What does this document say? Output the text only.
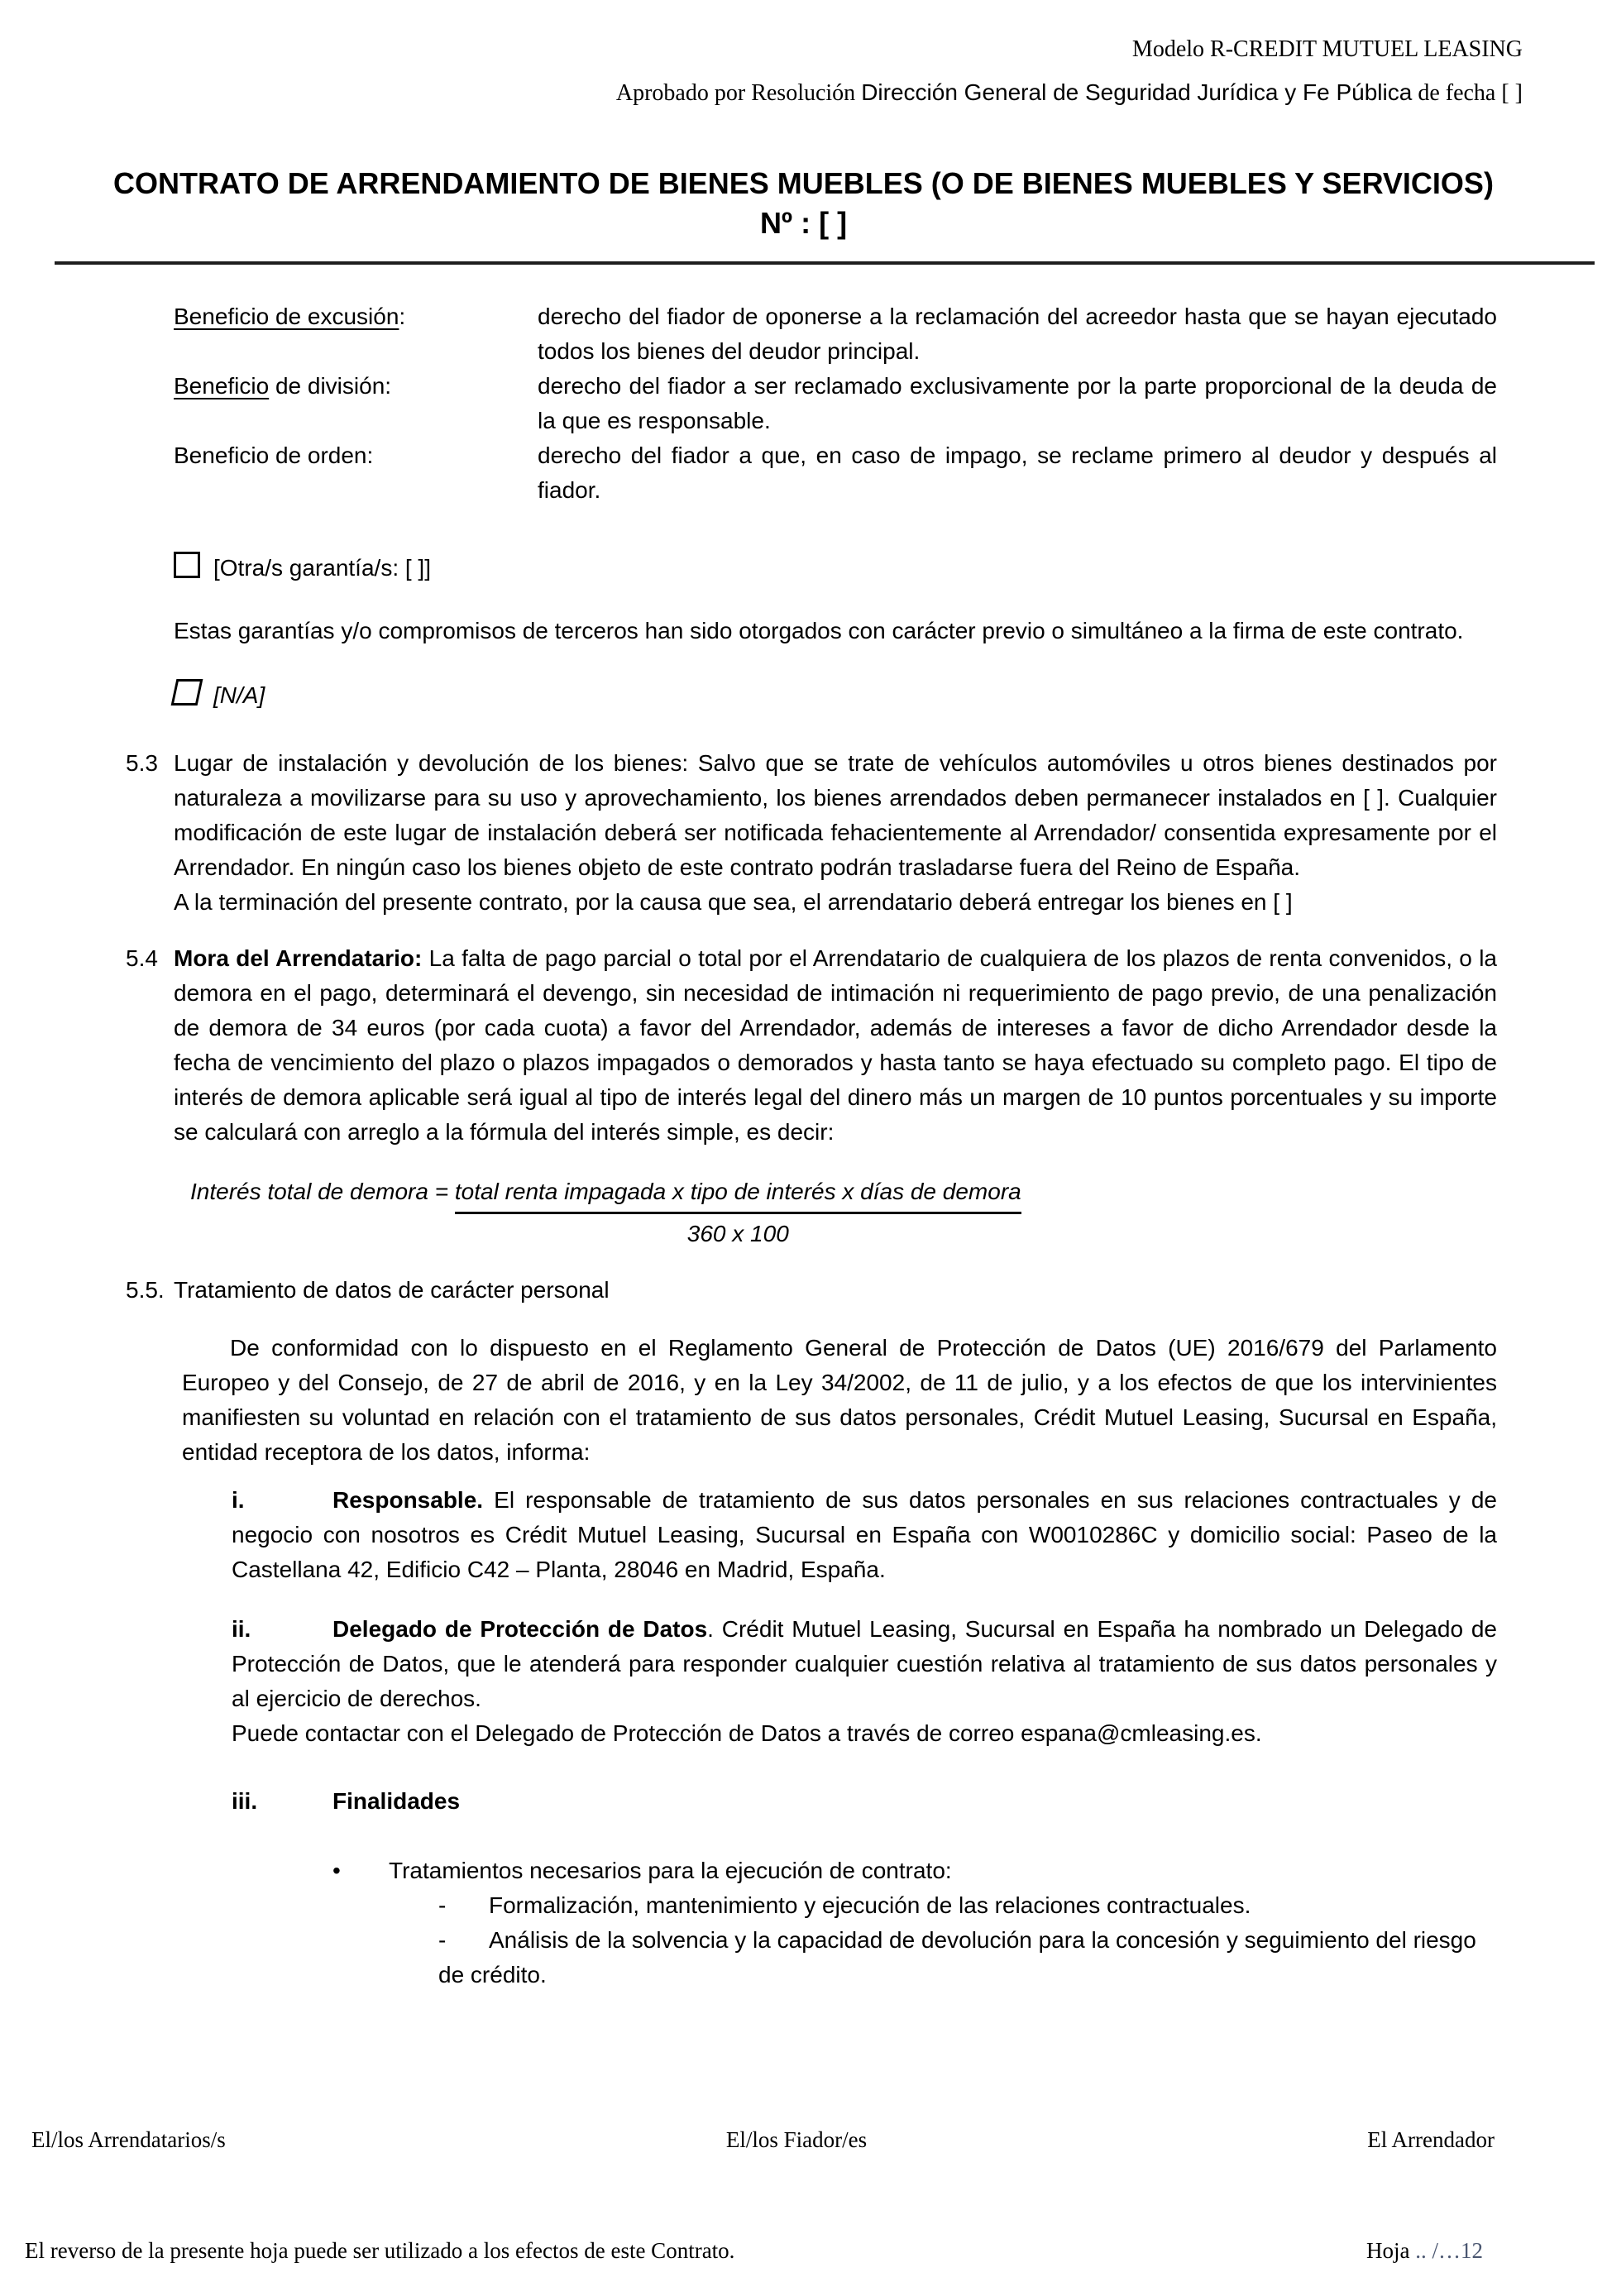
Modelo R-CREDIT MUTUEL LEASING
Aprobado por Resolución Dirección General de Seguridad Jurídica y Fe Pública de fecha [ ]
CONTRATO DE ARRENDAMIENTO DE BIENES MUEBLES (O DE BIENES MUEBLES Y SERVICIOS)
Nº : [ ]
Beneficio de excusión:	derecho del fiador de oponerse a la reclamación del acreedor hasta que se hayan ejecutado todos los bienes del deudor principal.
Beneficio de división:	derecho del fiador a ser reclamado exclusivamente por la parte proporcional de la deuda de la que es responsable.
Beneficio de orden:	derecho del fiador a que, en caso de impago, se reclame primero al deudor y después al fiador.
[Otra/s garantía/s: [ ]]
Estas garantías y/o compromisos de terceros han sido otorgados con carácter previo o simultáneo a la firma de este contrato.
[N/A]
5.3 Lugar de instalación y devolución de los bienes: Salvo que se trate de vehículos automóviles u otros bienes destinados por naturaleza a movilizarse para su uso y aprovechamiento, los bienes arrendados deben permanecer instalados en [ ]. Cualquier modificación de este lugar de instalación deberá ser notificada fehacientemente al Arrendador/ consentida expresamente por el Arrendador. En ningún caso los bienes objeto de este contrato podrán trasladarse fuera del Reino de España.
A la terminación del presente contrato, por la causa que sea, el arrendatario deberá entregar los bienes en [ ]
5.4 Mora del Arrendatario: La falta de pago parcial o total por el Arrendatario de cualquiera de los plazos de renta convenidos, o la demora en el pago, determinará el devengo, sin necesidad de intimación ni requerimiento de pago previo, de una penalización de demora de 34 euros (por cada cuota) a favor del Arrendador, además de intereses a favor de dicho Arrendador desde la fecha de vencimiento del plazo o plazos impagados o demorados y hasta tanto se haya efectuado su completo pago. El tipo de interés de demora aplicable será igual al tipo de interés legal del dinero más un margen de 10 puntos porcentuales y su importe se calculará con arreglo a la fórmula del interés simple, es decir:
Interés total de demora = $\frac{\text{total renta impagada x tipo de interés x días de demora}}{360 x 100}$
5.5. Tratamiento de datos de carácter personal
De conformidad con lo dispuesto en el Reglamento General de Protección de Datos (UE) 2016/679 del Parlamento Europeo y del Consejo, de 27 de abril de 2016, y en la Ley 34/2002, de 11 de julio, y a los efectos de que los intervinientes manifiesten su voluntad en relación con el tratamiento de sus datos personales, Crédit Mutuel Leasing, Sucursal en España, entidad receptora de los datos, informa:
i.	Responsable. El responsable de tratamiento de sus datos personales en sus relaciones contractuales y de negocio con nosotros es Crédit Mutuel Leasing, Sucursal en España con W0010286C y domicilio social: Paseo de la Castellana 42, Edificio C42 – Planta, 28046 en Madrid, España.
ii.	Delegado de Protección de Datos. Crédit Mutuel Leasing, Sucursal en España ha nombrado un Delegado de Protección de Datos, que le atenderá para responder cualquier cuestión relativa al tratamiento de sus datos personales y al ejercicio de derechos.
Puede contactar con el Delegado de Protección de Datos a través de correo espana@cmleasing.es.
iii.	Finalidades
• Tratamientos necesarios para la ejecución de contrato:
- Formalización, mantenimiento y ejecución de las relaciones contractuales.
- Análisis de la solvencia y la capacidad de devolución para la concesión y seguimiento del riesgo de crédito.
El/los Arrendatarios/s	El/los Fiador/es	El Arrendador
El reverso de la presente hoja puede ser utilizado a los efectos de este Contrato.	Hoja .. /…12
